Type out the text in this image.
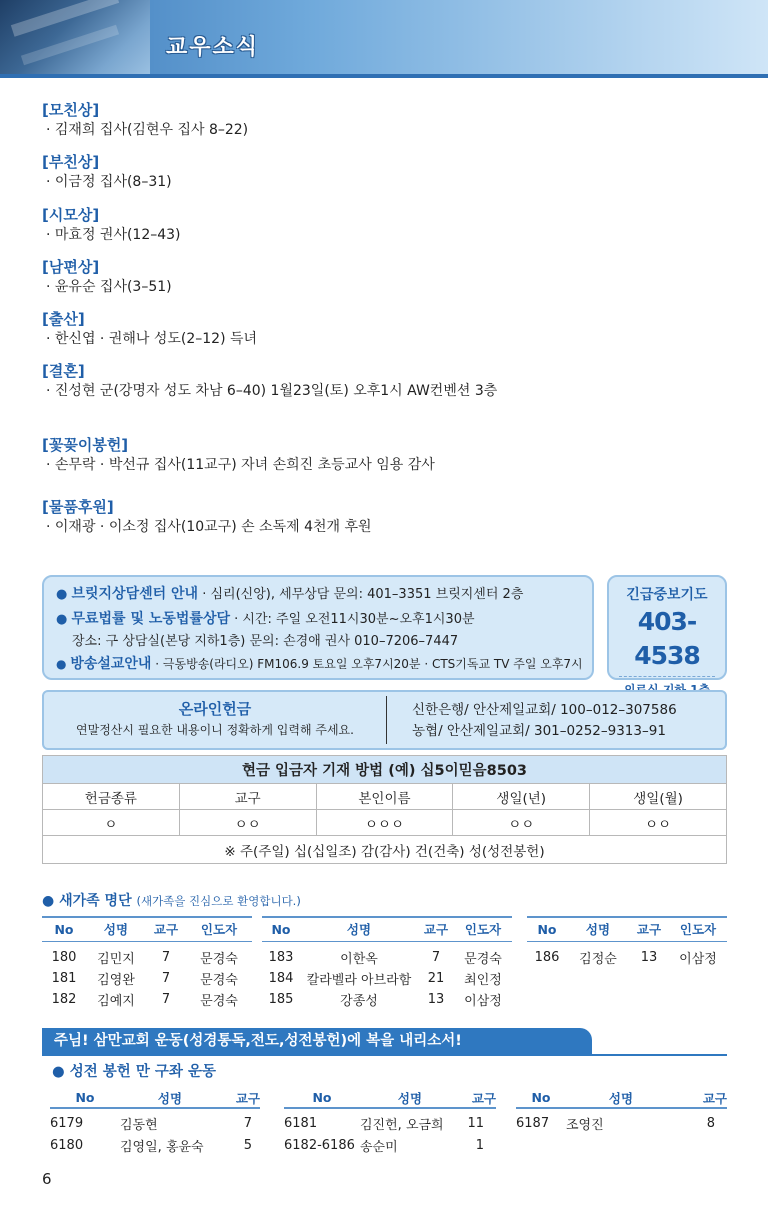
교우소식
[모친상]
· 김재희 집사(김현우 집사 8–22)
[부친상]
· 이금정 집사(8–31)
[시모상]
· 마효정 권사(12–43)
[남편상]
· 윤유순 집사(3–51)
[출산]
· 한신엽 · 권해나 성도(2–12) 득녀
[결혼]
· 진성현 군(강명자 성도 차남 6–40) 1월23일(토) 오후1시 AW컨벤션 3층
[꽃꽂이봉헌]
· 손무락 · 박선규 집사(11교구) 자녀 손희진 초등교사 임용 감사
[물품후원]
· 이재광 · 이소정 집사(10교구) 손 소독제 4천개 후원
● 브릿지상담센터 안내 · 심리(신앙), 세무상담 문의: 401–3351 브릿지센터 2층
● 무료법률 및 노동법률상담 · 시간: 주일 오전11시30분~오후1시30분
장소: 구 상담실(본당 지하1층) 문의: 손경애 권사 010–7206–7447
● 방송설교안내 · 극동방송(라디오) FM106.9 토요일 오후7시20분 · CTS기독교 TV 주일 오후7시
긴급중보기도
403-4538
온라인헌금
연말정산시 필요한 내용이니 정확하게 입력해 주세요.
신한은행/ 안산제일교회/ 100–012–307586
농협/ 안산제일교회/ 301–0252–9313–91
현금 입금자 기재 방법 (예) 십5이믿음8503				
헌금종류	교구	본인이름	생일(년)	생일(월)
ㅇ	ㅇㅇ	ㅇㅇㅇ	ㅇㅇ	ㅇㅇ
※ 주(주일) 십(십일조) 감(감사) 건(건축) 성(성전봉헌)				
● 새가족 명단 (새가족을 진심으로 환영합니다.)
No	성명	교구	인도자
180	김민지	7	문경숙
181	김영완	7	문경숙
182	김예지	7	문경숙
No	성명	교구	인도자
183	이한옥	7	문경숙
184	칼라벨라 아브라함	21	최인정
185	강종성	13	이삼정
No	성명	교구	인도자
186	김정순	13	이삼정
주님! 삼만교회 운동(성경통독,전도,성전봉헌)에 복을 내리소서!
● 성전 봉헌 만 구좌 운동
No	성명	교구
6179	김동현	7
6180	김영일, 홍윤숙	5
No	성명	교구
6181	김진헌, 오금희	11
6182-6186	송순미	1
No	성명	교구
6187	조영진	8
6
